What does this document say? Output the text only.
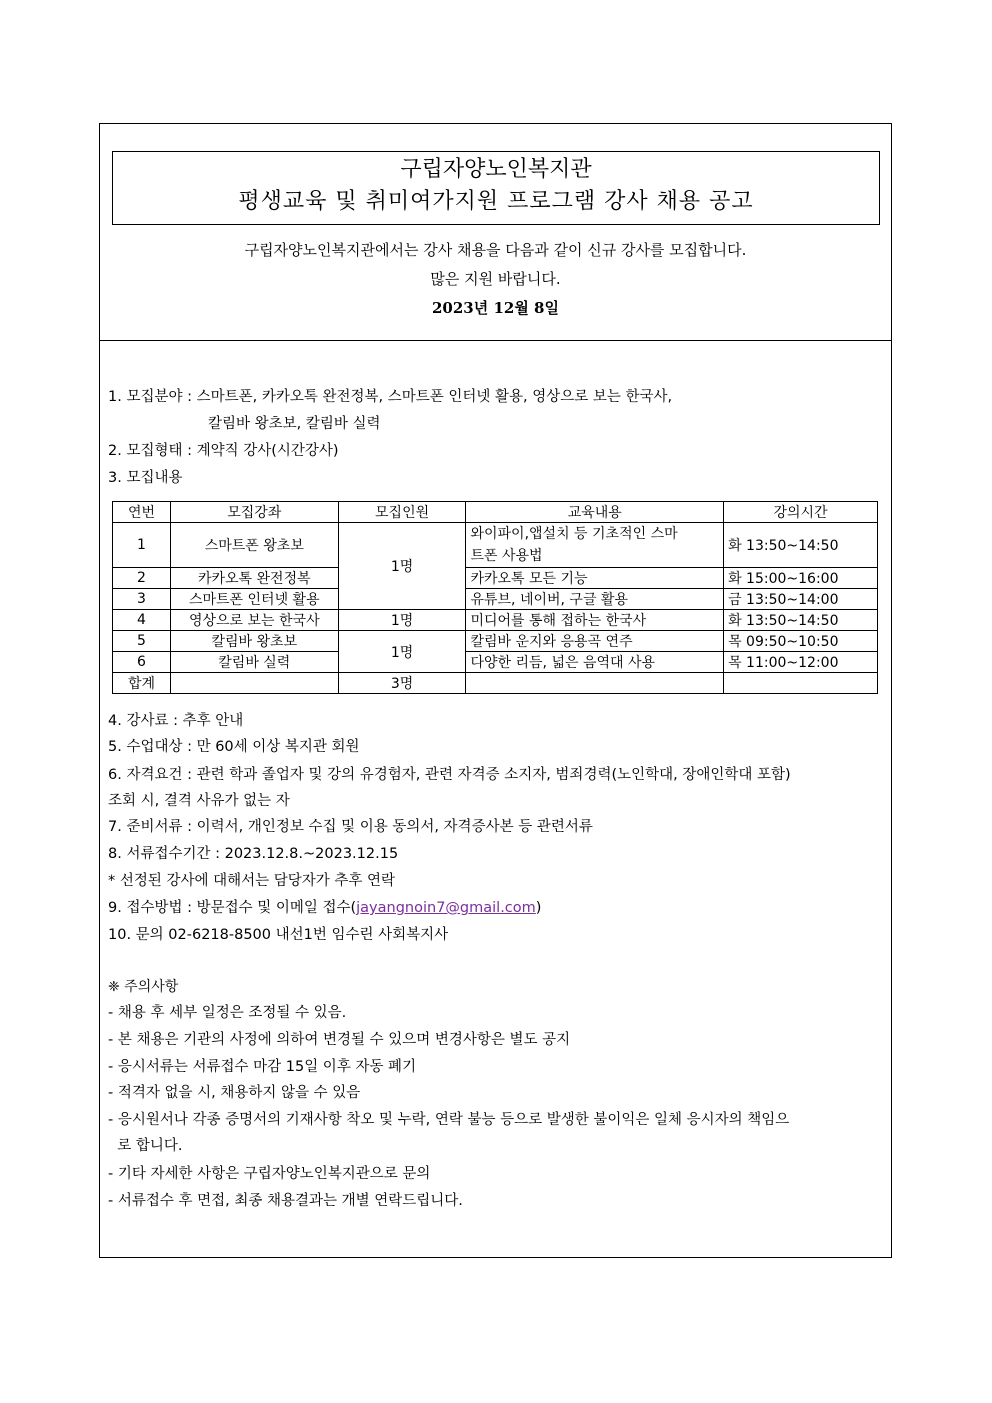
구립자양노인복지관
평생교육 및 취미여가지원 프로그램 강사 채용 공고
구립자양노인복지관에서는 강사 채용을 다음과 같이 신규 강사를 모집합니다.
많은 지원 바랍니다.
2023년 12월 8일
1. 모집분야 : 스마트폰, 카카오톡 완전정복, 스마트폰 인터넷 활용, 영상으로 보는 한국사,
칼림바 왕초보, 칼림바 실력
2. 모집형태 : 계약직 강사(시간강사)
3. 모집내용
4. 강사료 : 추후 안내
5. 수업대상 : 만 60세 이상 복지관 회원
6. 자격요건 : 관련 학과 졸업자 및 강의 유경험자, 관련 자격증 소지자, 범죄경력(노인학대, 장애인학대 포함)
조회 시, 결격 사유가 없는 자
7. 준비서류 : 이력서, 개인정보 수집 및 이용 동의서, 자격증사본 등 관련서류
8. 서류접수기간 : 2023.12.8.~2023.12.15
* 선정된 강사에 대해서는 담당자가 추후 연락
9. 접수방법 : 방문접수 및 이메일 접수(jayangnoin7@gmail.com)
10. 문의 02-6218-8500 내선1번 임수린 사회복지사
❈ 주의사항
- 채용 후 세부 일정은 조정될 수 있음.
- 본 채용은 기관의 사정에 의하여 변경될 수 있으며 변경사항은 별도 공지
- 응시서류는 서류접수 마감 15일 이후 자동 폐기
- 적격자 없을 시, 채용하지 않을 수 있음
- 응시원서나 각종 증명서의 기재사항 착오 및 누락, 연락 불능 등으로 발생한 불이익은 일체 응시자의 책임으
로 합니다.
- 기타 자세한 사항은 구립자양노인복지관으로 문의
- 서류접수 후 면접, 최종 채용결과는 개별 연락드립니다.
연번	모집강좌	모집인원	교육내용	강의시간
1	스마트폰 왕초보	1명	와이파이,앱설치 등 기초적인 스마
트폰 사용법	화 13:50~14:50
2	카카오톡 완전정복		카카오톡 모든 기능	화 15:00~16:00
3	스마트폰 인터넷 활용		유튜브, 네이버, 구글 활용	금 13:50~14:00
4	영상으로 보는 한국사	1명	미디어를 통해 접하는 한국사	화 13:50~14:50
5	칼림바 왕초보	1명	칼림바 운지와 응용곡 연주	목 09:50~10:50
6	칼림바 실력		다양한 리듬, 넓은 음역대 사용	목 11:00~12:00
합계		3명		
